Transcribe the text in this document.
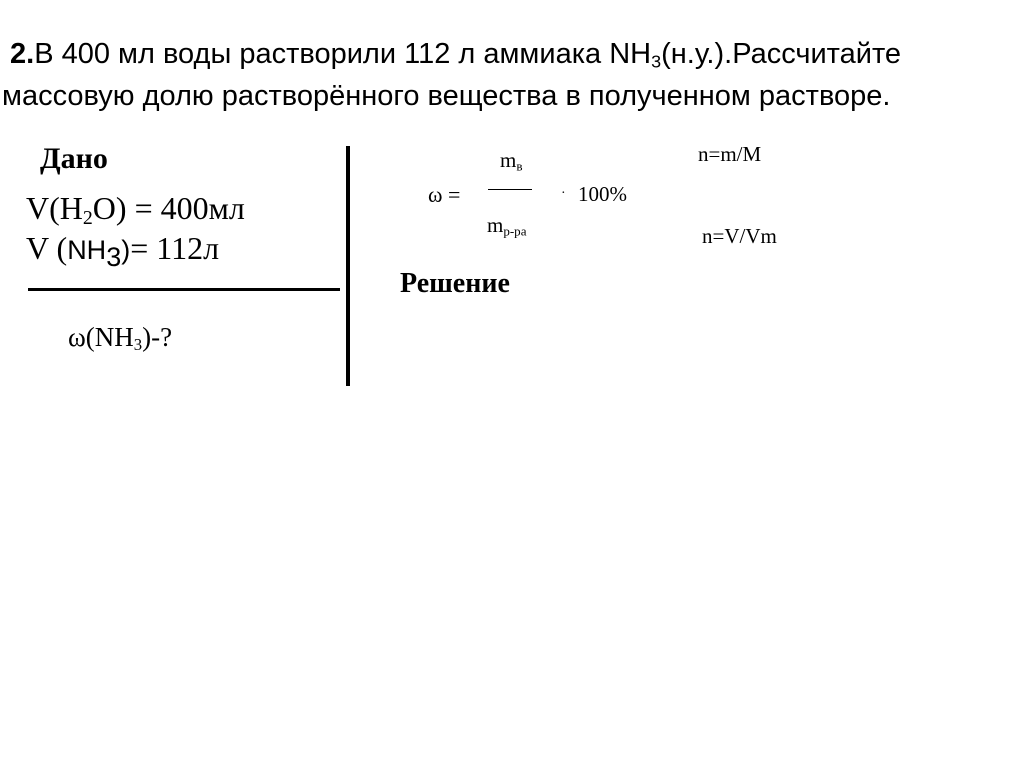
2.В 400 мл воды растворили 112 л аммиака $NH_3(н.у.).Рассчитайте$
массовую долю растворённого вещества в полученном растворе.
Дано
$V(H_2O) = 400мл$
V $(NH_3)= 112л$
$\omega(NH_3)-$?
$m_в$
ω =	· 100%
$m_{р-ра}$
n=m/M
n=V/Vm
Решение
